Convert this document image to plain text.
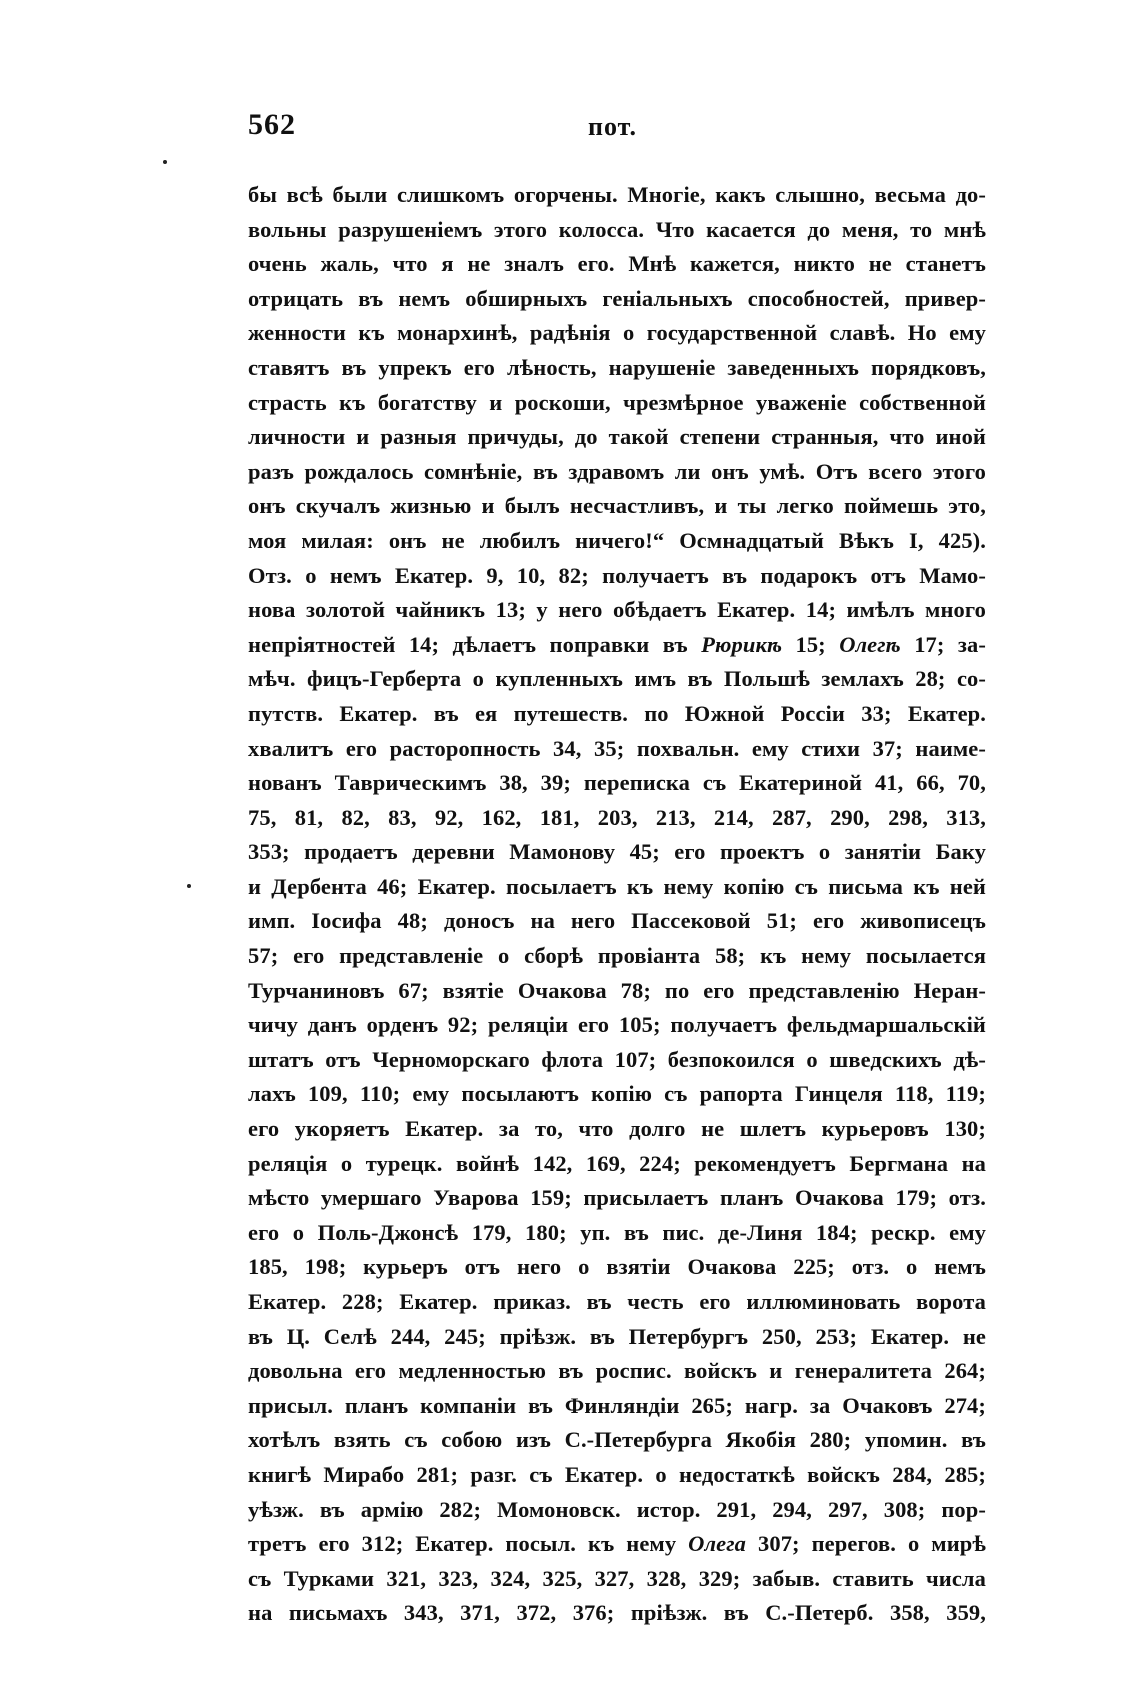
562	пот.
бы всѣ были слишкомъ огорчены. Многіе, какъ слышно, весьма до-
вольны разрушеніемъ этого колосса. Что касается до меня, то мнѣ
очень жаль, что я не зналъ его. Мнѣ кажется, никто не станетъ
отрицать въ немъ обширныхъ геніальныхъ способностей, привер-
женности къ монархинѣ, радѣнія о государственной славѣ. Но ему
ставятъ въ упрекъ его лѣность, нарушеніе заведенныхъ порядковъ,
страсть къ богатству и роскоши, чрезмѣрное уваженіе собственной
личности и разныя причуды, до такой степени странныя, что иной
разъ рождалось сомнѣніе, въ здравомъ ли онъ умѣ. Отъ всего этого
онъ скучалъ жизнью и былъ несчастливъ, и ты легко поймешь это,
моя милая: онъ не любилъ ничего!“ Осмнадцатый Вѣкъ I, 425).
Отз. о немъ Екатер. 9, 10, 82; получаетъ въ подарокъ отъ Мамо-
нова золотой чайникъ 13; у него обѣдаетъ Екатер. 14; имѣлъ много
непріятностей 14; дѣлаетъ поправки въ Рюрикѣ 15; Олегѣ 17; за-
мѣч. фицъ-Герберта о купленныхъ имъ въ Польшѣ землахъ 28; со-
путств. Екатер. въ ея путешеств. по Южной Россіи 33; Екатер.
хвалитъ его расторопность 34, 35; похвальн. ему стихи 37; наиме-
нованъ Таврическимъ 38, 39; переписка съ Екатериной 41, 66, 70,
75, 81, 82, 83, 92, 162, 181, 203, 213, 214, 287, 290, 298, 313,
353; продаетъ деревни Мамонову 45; его проектъ о занятіи Баку
и Дербента 46; Екатер. посылаетъ къ нему копію съ письма къ ней
имп. Іосифа 48; доносъ на него Пассековой 51; его живописецъ
57; его представленіе о сборѣ провіанта 58; къ нему посылается
Турчаниновъ 67; взятіе Очакова 78; по его представленію Неран-
чичу данъ орденъ 92; реляціи его 105; получаетъ фельдмаршальскій
штатъ отъ Черноморскаго флота 107; безпокоился о шведскихъ дѣ-
лахъ 109, 110; ему посылаютъ копію съ рапорта Гинцеля 118, 119;
его укоряетъ Екатер. за то, что долго не шлетъ курьеровъ 130;
реляція о турецк. войнѣ 142, 169, 224; рекомендуетъ Бергмана на
мѣсто умершаго Уварова 159; присылаетъ планъ Очакова 179; отз.
его о Поль-Джонсѣ 179, 180; уп. въ пис. де-Линя 184; рескр. ему
185, 198; курьеръ отъ него о взятіи Очакова 225; отз. о немъ
Екатер. 228; Екатер. приказ. въ честь его иллюминовать ворота
въ Ц. Селѣ 244, 245; пріѣзж. въ Петербургъ 250, 253; Екатер. не
довольна его медленностью въ роспис. войскъ и генералитета 264;
присыл. планъ компаніи въ Финляндіи 265; нагр. за Очаковъ 274;
хотѣлъ взять съ собою изъ С.-Петербурга Якобія 280; упомин. въ
книгѣ Мирабо 281; разг. съ Екатер. о недостаткѣ войскъ 284, 285;
уѣзж. въ армію 282; Момоновск. истор. 291, 294, 297, 308; пор-
третъ его 312; Екатер. посыл. къ нему Олега 307; перегов. о мирѣ
съ Турками 321, 323, 324, 325, 327, 328, 329; забыв. ставить числа
на письмахъ 343, 371, 372, 376; пріѣзж. въ С.-Петерб. 358, 359,
